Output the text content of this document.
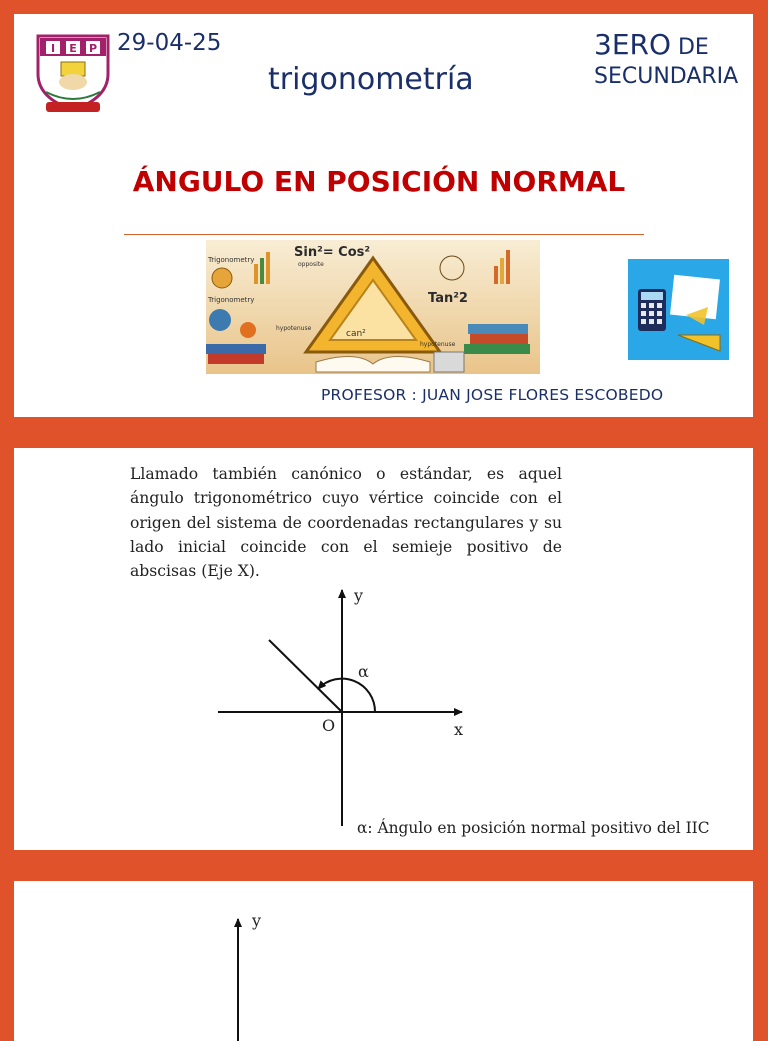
I E P 29-04-25
trigonometría
3ERO DE
SECUNDARIA
ÁNGULO EN POSICIÓN NORMAL
Sin²= Cos²
Tan²2
Trigonometry
Trigonometry
hypotenuse
hypotenuse
opposite
can²
PROFESOR : JUAN JOSE FLORES ESCOBEDO
Llamado también canónico o estándar, es aquel ángulo trigonométrico cuyo vértice coincide con el origen del sistema de coordenadas rectangulares y su lado inicial coincide con el semieje positivo de abscisas (Eje X).
y
x
O
α
α: Ángulo en posición normal positivo del IIC
y
